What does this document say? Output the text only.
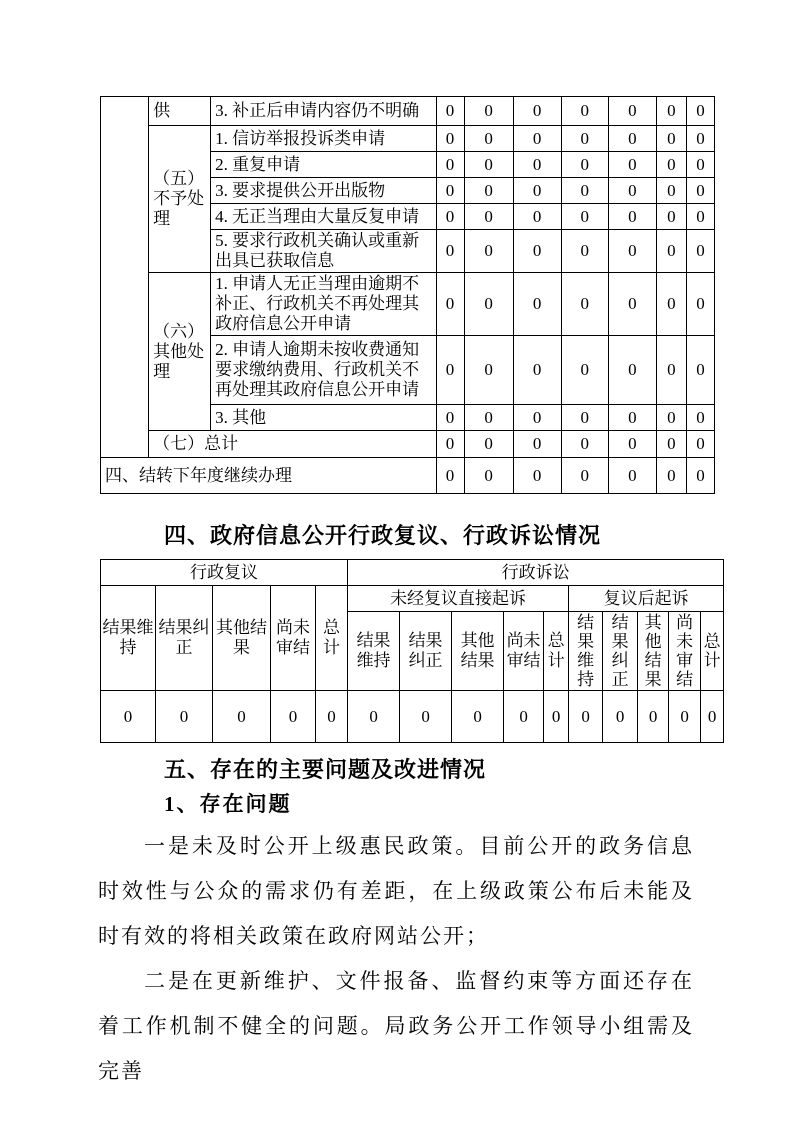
	供	3. 补正后申请内容仍不明确	0	0	0	0	0	0	0
	（五）不予处理	1. 信访举报投诉类申请	0	0	0	0	0	0	0
		2. 重复申请	0	0	0	0	0	0	0
		3. 要求提供公开出版物	0	0	0	0	0	0	0
		4. 无正当理由大量反复申请	0	0	0	0	0	0	0
		5. 要求行政机关确认或重新出具已获取信息	0	0	0	0	0	0	0
	（六）其他处理	1. 申请人无正当理由逾期不补正、行政机关不再处理其政府信息公开申请	0	0	0	0	0	0	0
		2. 申请人逾期未按收费通知要求缴纳费用、行政机关不再处理其政府信息公开申请	0	0	0	0	0	0	0
		3. 其他	0	0	0	0	0	0	0
	（七）总计		0	0	0	0	0	0	0
四、结转下年度继续办理			0	0	0	0	0	0	0
四、政府信息公开行政复议、行政诉讼情况
行政复议					行政诉讼									
结果维持	结果纠正	其他结果	尚未审结	总计	未经复议直接起诉					复议后起诉				
					结果维持	结果纠正	其他结果	尚未审结	总计	结果维持	结果纠正	其他结果	尚未审结	总计
0	0	0	0	0	0	0	0	0	0	0	0	0	0	0
五、存在的主要问题及改进情况
1、存在问题

一是未及时公开上级惠民政策。目前公开的政务信息时效性与公众的需求仍有差距，在上级政策公布后未能及时有效的将相关政策在政府网站公开；

二是在更新维护、文件报备、监督约束等方面还存在着工作机制不健全的问题。局政务公开工作领导小组需及完善
